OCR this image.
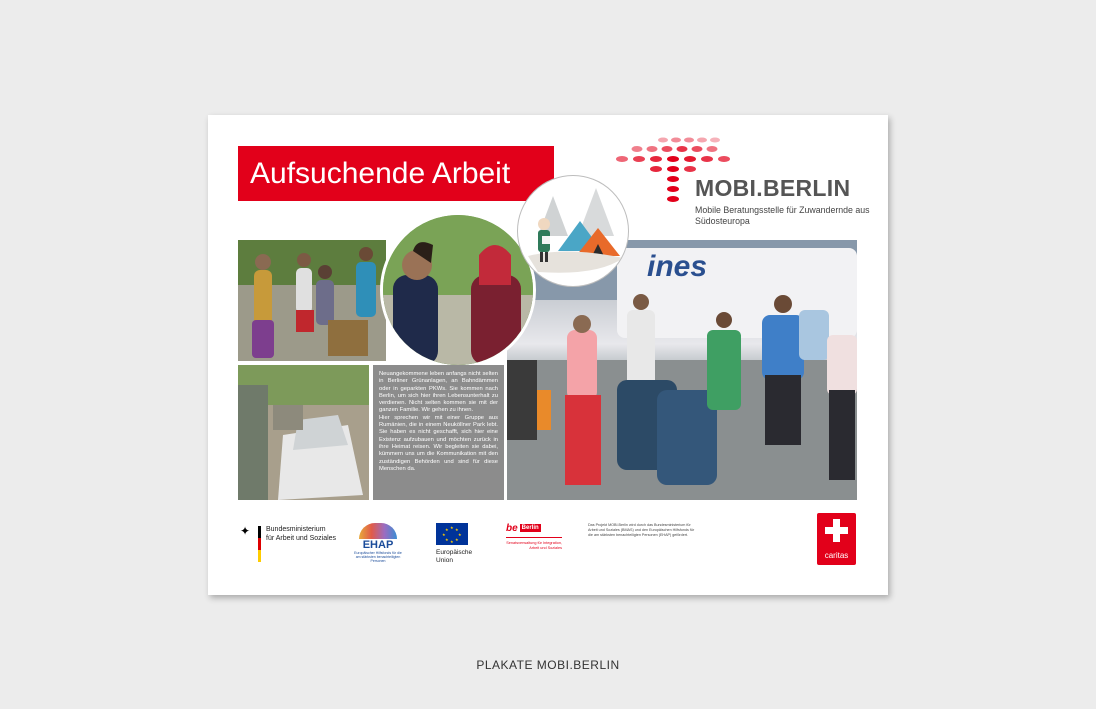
Aufsuchende Arbeit	MOBI.BERLIN
Mobile Beratungsstelle für Zuwandernde aus Südosteuropa
ines

Neuangekommene leben anfangs nicht selten in Berliner Grünanlagen, an Bahndämmen oder in geparkten PKWs. Sie kommen nach Berlin, um sich hier ihren Lebensunterhalt zu verdienen. Nicht selten kommen sie mit der ganzen Familie. Wir gehen zu ihnen.

Hier sprechen wir mit einer Gruppe aus Rumänien, die in einem Neuköllner Park lebt. Sie haben es nicht geschafft, sich hier eine Existenz aufzubauen und möchten zurück in ihre Heimat reisen. Wir begleiten sie dabei, kümmern uns um die Kommunikation mit den zuständigen Behörden und sind für diese Menschen da.

✦ Bundesministerium
für Arbeit und Soziales
EHAP
Europäischer Hilfsfonds für die am stärksten benachteiligten Personen
★ ★
★
★
★
★
★
★
Europäische
Union
be Berlin
Senatsverwaltung für Integration, Arbeit und Soziales
Das Projekt MOBI.Berlin wird durch das Bundesministerium für Arbeit und Soziales (BMAS) und den Europäischen Hilfsfonds für die am stärksten benachteiligten Personen (EHAP) gefördert.
caritas
PLAKATE MOBI.BERLIN
